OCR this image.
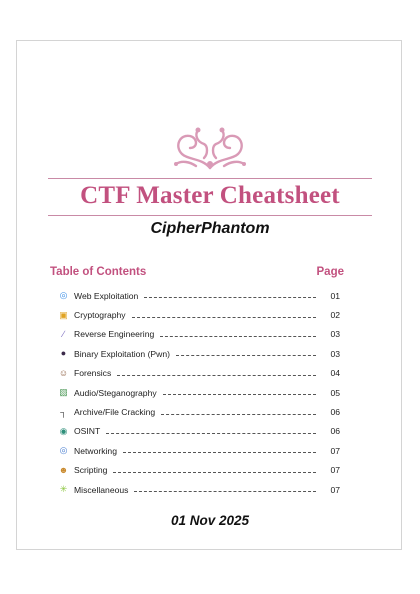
CTF Master Cheatsheet
CipherPhantom
Table of Contents	Page
◎ Web Exploitation	01
▣ Cryptography	02
∕	Reverse Engineering	03
● Binary Exploitation (Pwn)	03
☺ Forensics	04
▧ Audio/Steganography	05
┐ Archive/File Cracking	06
◉ OSINT	06
◎ Networking	07
☻ Scripting	07
✳ Miscellaneous	07
01 Nov 2025
